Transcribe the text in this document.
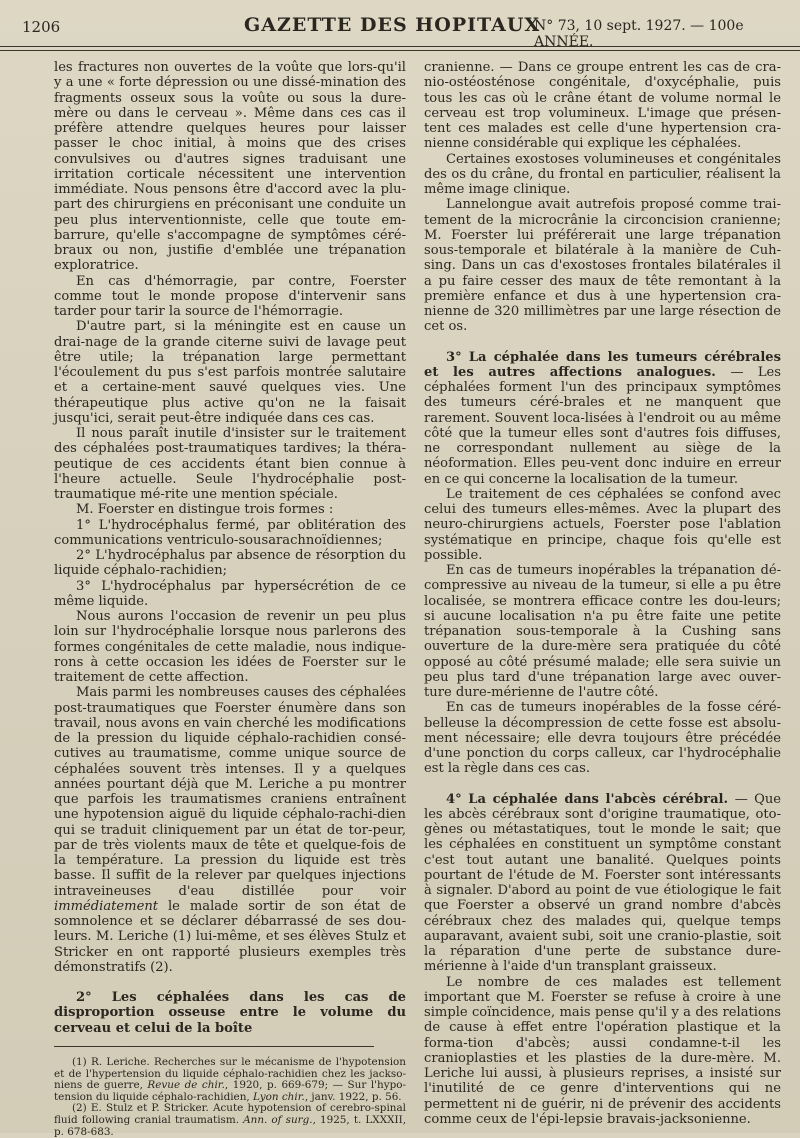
1206	GAZETTE DES HOPITAUX
N° 73, 10 sept. 1927. — 100e ANNÉE.

les fractures non ouvertes de la voûte que lors-qu'il y a une « forte dépression ou une dissé-mination des fragments osseux sous la voûte ou sous la dure-mère ou dans le cerveau ». Même dans ces cas il préfère attendre quelques heures pour laisser passer le choc initial, à moins que des crises convulsives ou d'autres signes traduisant une irritation corticale nécessitent une intervention immédiate. Nous pensons être d'accord avec la plu-part des chirurgiens en préconisant une conduite un peu plus interventionniste, celle que toute em-barrure, qu'elle s'accompagne de symptômes céré-braux ou non, justifie d'emblée une trépanation exploratrice.

En cas d'hémorragie, par contre, Foerster comme tout le monde propose d'intervenir sans tarder pour tarir la source de l'hémorragie.

D'autre part, si la méningite est en cause un drai-nage de la grande citerne suivi de lavage peut être utile; la trépanation large permettant l'écoulement du pus s'est parfois montrée salutaire et a certaine-ment sauvé quelques vies. Une thérapeutique plus active qu'on ne la faisait jusqu'ici, serait peut-être indiquée dans ces cas.

Il nous paraît inutile d'insister sur le traitement des céphalées post-traumatiques tardives; la théra-peutique de ces accidents étant bien connue à l'heure actuelle. Seule l'hydrocéphalie post-traumatique mé-rite une mention spéciale.

M. Foerster en distingue trois formes :

1° L'hydrocéphalus fermé, par oblitération des communications ventriculo-sousarachnoïdiennes;

2° L'hydrocéphalus par absence de résorption du liquide céphalo-rachidien;

3° L'hydrocéphalus par hypersécrétion de ce même liquide.

Nous aurons l'occasion de revenir un peu plus loin sur l'hydrocéphalie lorsque nous parlerons des formes congénitales de cette maladie, nous indique-rons à cette occasion les idées de Foerster sur le traitement de cette affection.

Mais parmi les nombreuses causes des céphalées post-traumatiques que Foerster énumère dans son travail, nous avons en vain cherché les modifications de la pression du liquide céphalo-rachidien consé-cutives au traumatisme, comme unique source de céphalées souvent très intenses. Il y a quelques années pourtant déjà que M. Leriche a pu montrer que parfois les traumatismes craniens entraînent une hypotension aiguë du liquide céphalo-rachi-dien qui se traduit cliniquement par un état de tor-peur, par de très violents maux de tête et quelque-fois de la température. La pression du liquide est très basse. Il suffit de la relever par quelques injections intraveineuses d'eau distillée pour voir immédiatement le malade sortir de son état de somnolence et se déclarer débarrassé de ses dou-leurs. M. Leriche (1) lui-même, et ses élèves Stulz et Stricker en ont rapporté plusieurs exemples très démonstratifs (2).

2° Les céphalées dans les cas de disproportion osseuse entre le volume du cerveau et celui de la boîte

(1) R. Leriche. Recherches sur le mécanisme de l'hypotension et de l'hypertension du liquide céphalo-rachidien chez les jackso-niens de guerre, Revue de chir., 1920, p. 669-679; — Sur l'hypo-tension du liquide céphalo-rachidien, Lyon chir., janv. 1922, p. 56.

(2) E. Stulz et P. Stricker. Acute hypotension of cerebro-spinal fluid following cranial traumatism. Ann. of surg., 1925, t. LXXXII, p. 678-683.

cranienne. — Dans ce groupe entrent les cas de cra-nio-ostéosténose congénitale, d'oxycéphalie, puis tous les cas où le crâne étant de volume normal le cerveau est trop volumineux. L'image que présen-tent ces malades est celle d'une hypertension cra-nienne considérable qui explique les céphalées.

Certaines exostoses volumineuses et congénitales des os du crâne, du frontal en particulier, réalisent la même image clinique.

Lannelongue avait autrefois proposé comme trai-tement de la microcrânie la circoncision cranienne; M. Foerster lui préférerait une large trépanation sous-temporale et bilatérale à la manière de Cuh-sing. Dans un cas d'exostoses frontales bilatérales il a pu faire cesser des maux de tête remontant à la première enfance et dus à une hypertension cra-nienne de 320 millimètres par une large résection de cet os.

3° La céphalée dans les tumeurs cérébrales et les autres affections analogues. — Les céphalées forment l'un des principaux symptômes des tumeurs céré-brales et ne manquent que rarement. Souvent loca-lisées à l'endroit ou au même côté que la tumeur elles sont d'autres fois diffuses, ne correspondant nullement au siège de la néoformation. Elles peu-vent donc induire en erreur en ce qui concerne la localisation de la tumeur.

Le traitement de ces céphalées se confond avec celui des tumeurs elles-mêmes. Avec la plupart des neuro-chirurgiens actuels, Foerster pose l'ablation systématique en principe, chaque fois qu'elle est possible.

En cas de tumeurs inopérables la trépanation dé-compressive au niveau de la tumeur, si elle a pu être localisée, se montrera efficace contre les dou-leurs; si aucune localisation n'a pu être faite une petite trépanation sous-temporale à la Cushing sans ouverture de la dure-mère sera pratiquée du côté opposé au côté présumé malade; elle sera suivie un peu plus tard d'une trépanation large avec ouver-ture dure-mérienne de l'autre côté.

En cas de tumeurs inopérables de la fosse céré-belleuse la décompression de cette fosse est absolu-ment nécessaire; elle devra toujours être précédée d'une ponction du corps calleux, car l'hydrocéphalie est la règle dans ces cas.

4° La céphalée dans l'abcès cérébral. — Que les abcès cérébraux sont d'origine traumatique, oto-gènes ou métastatiques, tout le monde le sait; que les céphalées en constituent un symptôme constant c'est tout autant une banalité. Quelques points pourtant de l'étude de M. Foerster sont intéressants à signaler. D'abord au point de vue étiologique le fait que Foerster a observé un grand nombre d'abcès cérébraux chez des malades qui, quelque temps auparavant, avaient subi, soit une cranio-plastie, soit la réparation d'une perte de substance dure-mérienne à l'aide d'un transplant graisseux.

Le nombre de ces malades est tellement important que M. Foerster se refuse à croire à une simple coïncidence, mais pense qu'il y a des relations de cause à effet entre l'opération plastique et la forma-tion d'abcès; aussi condamne-t-il les cranioplasties et les plasties de la dure-mère. M. Leriche lui aussi, à plusieurs reprises, a insisté sur l'inutilité de ce genre d'interventions qui ne permettent ni de guérir, ni de prévenir des accidents comme ceux de l'épi-lepsie bravais-jacksonienne.
